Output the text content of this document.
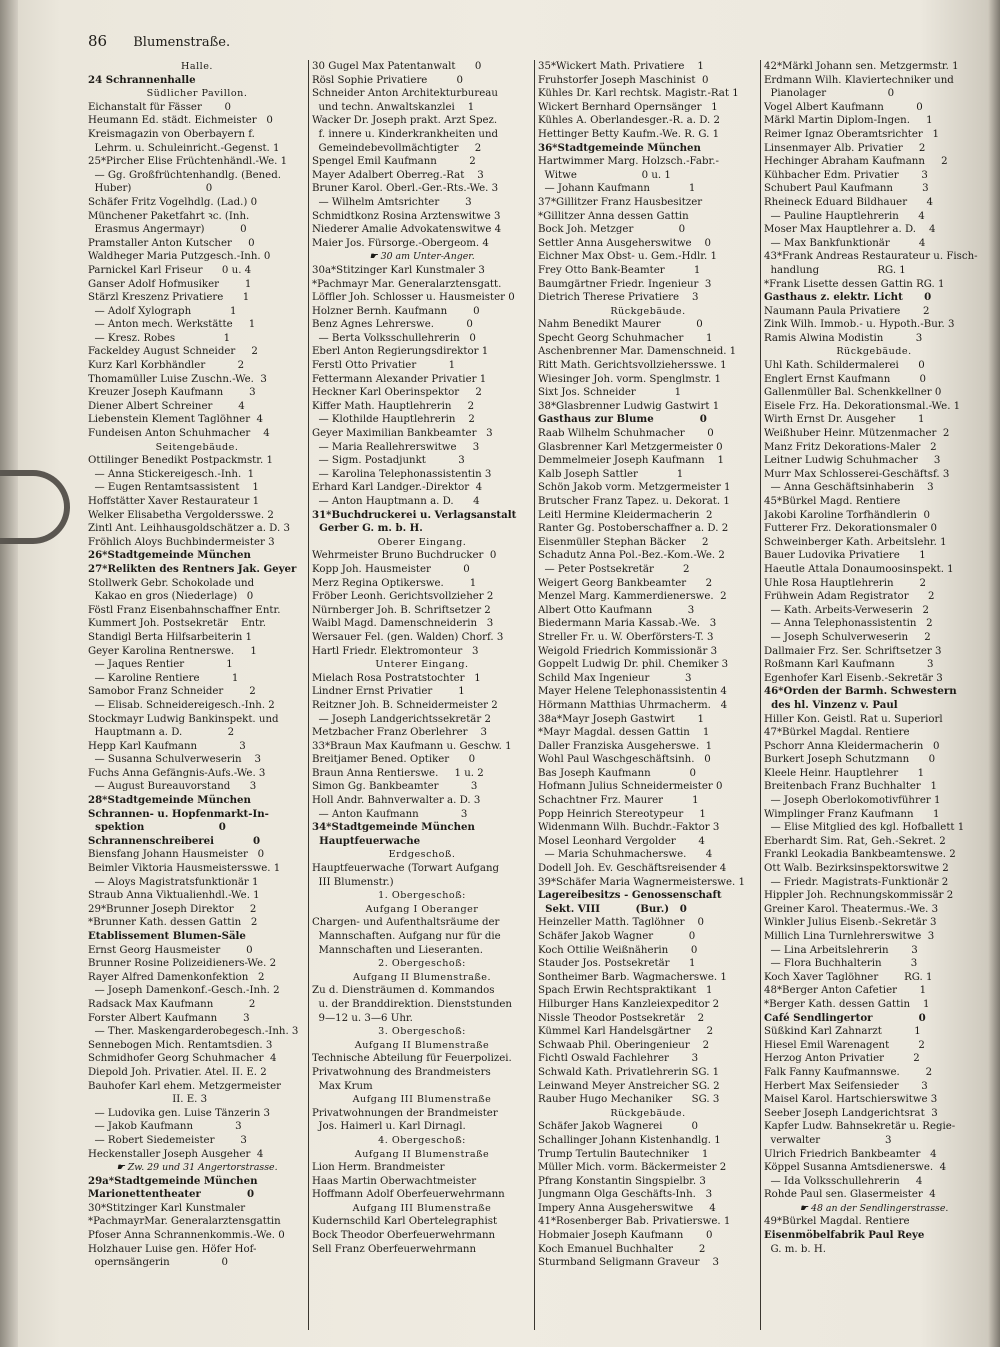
86 Blumenstraße.
Halle.
24 Schrannenhalle
Südlicher Pavillon.
Eichanstalt für Fässer       0
Heumann Ed. städt. Eichmeister   0
Kreismagazin von Oberbayern f.
Lehrm. u. Schuleinricht.-Gegenst. 1
25*Pircher Elise Früchtenhändl.-We. 1
— Gg. Großfrüchtenhandlg. (Bened.
Huber)                       0
Schäfer Fritz Vogelhdlg. (Lad.) 0
Münchener Paketfahrt ꝛc. (Inh.
Erasmus Angermayr)           0
Pramstaller Anton Kutscher     0
Waldheger Maria Putzgesch.-Inh. 0
Parnickel Karl Friseur      0 u. 4
Ganser Adolf Hofmusiker        1
Stärzl Kreszenz Privatiere      1
— Adolf Xylograph            1
— Anton mech. Werkstätte     1
— Kresz. Robes               1
Fackeldey August Schneider     2
Kurz Karl Korbhändler          2
Thomamüller Luise Zuschn.-We.  3
Kreuzer Joseph Kaufmann        3
Diener Albert Schreiner        4
Liebenstein Klement Taglöhner  4
Fundeisen Anton Schuhmacher    4
Seitengebäude.
Ottilinger Benedikt Postpackmstr. 1
— Anna Stickereigesch.-Inh.  1
— Eugen Rentamtsassistent    1
Hoffstätter Xaver Restaurateur 1
Welker Elisabetha Vergoldersswe. 2
Zintl Ant. Leihhausgoldschätzer a. D. 3
Fröhlich Aloys Buchbindermeister 3
26*Stadtgemeinde München
27*Relikten des Rentners Jak. Geyer
Stollwerk Gebr. Schokolade und
Kakao en gros (Niederlage)   0
Föstl Franz Eisenbahnschaffner Entr.
Kummert Joh. Postsekretär    Entr.
Standigl Berta Hilfsarbeiterin 1
Geyer Karolina Rentnerswe.     1
— Jaques Rentier             1
— Karoline Rentiere          1
Samobor Franz Schneider        2
— Elisab. Schneidereigesch.-Inh. 2
Stockmayr Ludwig Bankinspekt. und
Hauptmann a. D.              2
Hepp Karl Kaufmann             3
— Susanna Schulverweserin    3
Fuchs Anna Gefängnis-Aufs.-We. 3
— August Bureauvorstand      3
28*Stadtgemeinde München
Schrannen- u. Hopfenmarkt-In-
spektion                     0
Schrannenschreiberei           0
Biensfang Johann Hausmeister   0
Beimler Viktoria Hausmeistersswe. 1
— Aloys Magistratsfunktionär 1
Straub Anna Viktualienhdl.-We. 1
29*Brunner Joseph Direktor     2
*Brunner Kath. dessen Gattin   2
Etablissement Blumen-Säle
Ernst Georg Hausmeister        0
Brunner Rosine Polizeidieners-We. 2
Rayer Alfred Damenkonfektion   2
— Joseph Damenkonf.-Gesch.-Inh. 2
Radsack Max Kaufmann           2
Forster Albert Kaufmann        3
— Ther. Maskengarderobegesch.-Inh. 3
Sennebogen Mich. Rentamtsdien. 3
Schmidhofer Georg Schuhmacher  4
Diepold Joh. Privatier. Atel. II. E. 2
Bauhofer Karl ehem. Metzgermeister
II. E. 3
— Ludovika gen. Luise Tänzerin 3
— Jakob Kaufmann             3
— Robert Siedemeister        3
Heckenstaller Joseph Ausgeher  4
☛ Zw. 29 und 31 Angertorstrasse.
29a*Stadtgemeinde München
Marionettentheater             0
30*Stitzinger Karl Kunstmaler
*PachmayrMar. Generalarztensgattin
Pfoser Anna Schrannenkommis.-We. 0
Holzhauer Luise gen. Höfer Hof-
opernsängerin                0
30 Gugel Max Patentanwalt      0
Rösl Sophie Privatiere         0
Schneider Anton Architekturbureau
und techn. Anwaltskanzlei    1
Wacker Dr. Joseph prakt. Arzt Spez.
f. innere u. Kinderkrankheiten und
Gemeindebevollmächtigter     2
Spengel Emil Kaufmann          2
Mayer Adalbert Oberreg.-Rat    3
Bruner Karol. Oberl.-Ger.-Rts.-We. 3
— Wilhelm Amtsrichter        3
Schmidtkonz Rosina Arztenswitwe 3
Niederer Amalie Advokatenswitwe 4
Maier Jos. Fürsorge.-Obergeom. 4
☛ 30 am Unter-Anger.
30a*Stitzinger Karl Kunstmaler 3
*Pachmayr Mar. Generalarztensgatt.
Löffler Joh. Schlosser u. Hausmeister 0
Holzner Bernh. Kaufmann        0
Benz Agnes Lehrerswe.          0
— Berta Volksschullehrerin   0
Eberl Anton Regierungsdirektor 1
Ferstl Otto Privatier          1
Fettermann Alexander Privatier 1
Heckner Karl Oberinspektor     2
Kiffer Math. Hauptlehrerin     2
— Klothilde Hauptlehrerin    2
Geyer Maximilian Bankbeamter   3
— Maria Reallehrerswitwe     3
— Sigm. Postadjunkt          3
— Karolina Telephonassistentin 3
Erhard Karl Landger.-Direktor  4
— Anton Hauptmann a. D.      4
31*Buchdruckerei u. Verlagsanstalt
Gerber G. m. b. H.
Oberer Eingang.
Wehrmeister Bruno Buchdrucker  0
Kopp Joh. Hausmeister          0
Merz Regina Optikerswe.        1
Fröber Leonh. Gerichtsvollzieher 2
Nürnberger Joh. B. Schriftsetzer 2
Waibl Magd. Damenschneiderin   3
Wersauer Fel. (gen. Walden) Chorf. 3
Hartl Friedr. Elektromonteur   3
Unterer Eingang.
Mielach Rosa Postratstochter   1
Lindner Ernst Privatier        1
Reitzner Joh. B. Schneidermeister 2
— Joseph Landgerichtssekretär 2
Metzbacher Franz Oberlehrer    3
33*Braun Max Kaufmann u. Geschw. 1
Breitjamer Bened. Optiker      0
Braun Anna Rentierswe.     1 u. 2
Simon Gg. Bankbeamter          3
Holl Andr. Bahnverwalter a. D. 3
— Anton Kaufmann             3
34*Stadtgemeinde München
Hauptfeuerwache
Erdgeschoß.
Hauptfeuerwache (Torwart Aufgang
III Blumenstr.)
1. Obergeschoß:
Aufgang I Oberanger
Chargen- und Aufenthaltsräume der
Mannschaften. Aufgang nur für die
Mannschaften und Lieseranten.
2. Obergeschoß:
Aufgang II Blumenstraße.
Zu d. Diensträumen d. Kommandos
u. der Branddirektion. Dienststunden
9—12 u. 3—6 Uhr.
3. Obergeschoß:
Aufgang II Blumenstraße
Technische Abteilung für Feuerpolizei.
Privatwohnung des Brandmeisters
Max Krum
Aufgang III Blumenstraße
Privatwohnungen der Brandmeister
Jos. Haimerl u. Karl Dirnagl.
4. Obergeschoß:
Aufgang II Blumenstraße
Lion Herm. Brandmeister
Haas Martin Oberwachtmeister
Hoffmann Adolf Oberfeuerwehrmann
Aufgang III Blumenstraße
Kudernschild Karl Obertelegraphist
Bock Theodor Oberfeuerwehrmann
Sell Franz Oberfeuerwehrmann
35*Wickert Math. Privatiere    1
Fruhstorfer Joseph Maschinist  0
Kühles Dr. Karl rechtsk. Magistr.-Rat 1
Wickert Bernhard Opernsänger   1
Kühles A. Oberlandesger.-R. a. D. 2
Hettinger Betty Kaufm.-We. R. G. 1
36*Stadtgemeinde München
Hartwimmer Marg. Holzsch.-Fabr.-
Witwe                    0 u. 1
— Johann Kaufmann            1
37*Gillitzer Franz Hausbesitzer
*Gillitzer Anna dessen Gattin
Bock Joh. Metzger              0
Settler Anna Ausgeherswitwe    0
Eichner Max Obst- u. Gem.-Hdlr. 1
Frey Otto Bank-Beamter         1
Baumgärtner Friedr. Ingenieur  3
Dietrich Therese Privatiere    3
Rückgebäude.
Nahm Benedikt Maurer           0
Specht Georg Schuhmacher       1
Aschenbrenner Mar. Damenschneid. 1
Ritt Math. Gerichtsvollziehersswe. 1
Wiesinger Joh. vorm. Spenglmstr. 1
Sixt Jos. Schneider            1
38*Glasbrenner Ludwig Gastwirt 1
Gasthaus zur Blume             0
Raab Wilhelm Schuhmacher       0
Glasbrenner Karl Metzgermeister 0
Demmelmeier Joseph Kaufmann    1
Kalb Joseph Sattler            1
Schön Jakob vorm. Metzgermeister 1
Brutscher Franz Tapez. u. Dekorat. 1
Leitl Hermine Kleidermacherin  2
Ranter Gg. Postoberschaffner a. D. 2
Eisenmüller Stephan Bäcker     2
Schadutz Anna Pol.-Bez.-Kom.-We. 2
— Peter Postsekretär         2
Weigert Georg Bankbeamter      2
Menzel Marg. Kammerdienerswe.  2
Albert Otto Kaufmann           3
Biedermann Maria Kassab.-We.   3
Streller Fr. u. W. Oberförsters-T. 3
Weigold Friedrich Kommissionär 3
Goppelt Ludwig Dr. phil. Chemiker 3
Schild Max Ingenieur           3
Mayer Helene Telephonassistentin 4
Hörmann Matthias Uhrmacherm.   4
38a*Mayr Joseph Gastwirt       1
*Mayr Magdal. dessen Gattin    1
Daller Franziska Ausgeherswe.  1
Wohl Paul Waschgeschäftsinh.   0
Bas Joseph Kaufmann            0
Hofmann Julius Schneidermeister 0
Schachtner Frz. Maurer         1
Popp Heinrich Stereotypeur     1
Widenmann Wilh. Buchdr.-Faktor 3
Mosel Leonhard Vergolder       4
— Maria Schuhmacherswe.      4
Dodell Joh. Ev. Geschäftsreisender 4
39*Schäfer Maria Wagnermeisterswe. 1
Lagereibesitzs - Genossenschaft
Sekt. VIII          (Bur.)   0
Heinzeller Matth. Taglöhner    0
Schäfer Jakob Wagner           0
Koch Ottilie Weißnäherin       0
Stauder Jos. Postsekretär      1
Sontheimer Barb. Wagmacherswe. 1
Spach Erwin Rechtspraktikant   1
Hilburger Hans Kanzleiexpeditor 2
Nissle Theodor Postsekretär    2
Kümmel Karl Handelsgärtner     2
Schwaab Phil. Oberingenieur    2
Fichtl Oswald Fachlehrer       3
Schwald Kath. Privatlehrerin SG. 1
Leinwand Meyer Anstreicher SG. 2
Rauber Hugo Mechaniker      SG. 3
Rückgebäude.
Schäfer Jakob Wagnerei         0
Schallinger Johann Kistenhandlg. 1
Trump Tertulin Bautechniker    1
Müller Mich. vorm. Bäckermeister 2
Pfrang Konstantin Singspielbr. 3
Jungmann Olga Geschäfts-Inh.   3
Impery Anna Ausgeherswitwe     4
41*Rosenberger Bab. Privatierswe. 1
Hobmaier Joseph Kaufmann       0
Koch Emanuel Buchhalter        2
Sturmband Seligmann Graveur    3
42*Märkl Johann sen. Metzgermstr. 1
Erdmann Wilh. Klaviertechniker und
Pianolager                   0
Vogel Albert Kaufmann          0
Märkl Martin Diplom-Ingen.     1
Reimer Ignaz Oberamtsrichter   1
Linsenmayer Alb. Privatier     2
Hechinger Abraham Kaufmann     2
Kühbacher Edm. Privatier       3
Schubert Paul Kaufmann         3
Rheineck Eduard Bildhauer      4
— Pauline Hauptlehrerin      4
Moser Max Hauptlehrer a. D.    4
— Max Bankfunktionär         4
43*Frank Andreas Restaurateur u. Fisch-
handlung                  RG. 1
*Frank Lisette dessen Gattin RG. 1
Gasthaus z. elektr. Licht      0
Naumann Paula Privatiere       2
Zink Wilh. Immob.- u. Hypoth.-Bur. 3
Ramis Alwina Modistin          3
Rückgebäude.
Uhl Kath. Schildermalerei      0
Englert Ernst Kaufmann         0
Gallenmüller Bal. Schenkkellner 0
Eisele Frz. Ha. Dekorationsmal.-We. 1
Wirth Ernst Dr. Ausgeher       1
Weißhuber Heinr. Mützenmacher  2
Manz Fritz Dekorations-Maler   2
Leitner Ludwig Schuhmacher     3
Murr Max Schlosserei-Geschäftsf. 3
— Anna Geschäftsinhaberin    3
45*Bürkel Magd. Rentiere
Jakobi Karoline Torfhändlerin  0
Futterer Frz. Dekorationsmaler 0
Schweinberger Kath. Arbeitslehr. 1
Bauer Ludovika Privatiere      1
Haeutle Attala Donaumoosinspekt. 1
Uhle Rosa Hauptlehrerin        2
Frühwein Adam Registrator      2
— Kath. Arbeits-Verweserin   2
— Anna Telephonassistentin   2
— Joseph Schulverweserin     2
Dallmaier Frz. Ser. Schriftsetzer 3
Roßmann Karl Kaufmann          3
Egenhofer Karl Eisenb.-Sekretär 3
46*Orden der Barmh. Schwestern
des hl. Vinzenz v. Paul
Hiller Kon. Geistl. Rat u. Superiorl
47*Bürkel Magdal. Rentiere
Pschorr Anna Kleidermacherin   0
Burkert Joseph Schutzmann      0
Kleele Heinr. Hauptlehrer      1
Breitenbach Franz Buchhalter   1
— Joseph Oberlokomotivführer 1
Wimplinger Franz Kaufmann      1
— Elise Mitglied des kgl. Hofballett 1
Eberhardt Sim. Rat, Geh.-Sekret. 2
Frankl Leokadia Bankbeamtenswe. 2
Ott Walb. Bezirksinspektorswitwe 2
— Friedr. Magistrats-Funktionär 2
Hippler Joh. Rechnungskommissär 2
Greiner Karol. Theatermus.-We. 3
Winkler Julius Eisenb.-Sekretär 3
Millich Lina Turnlehrerswitwe  3
— Lina Arbeitslehrerin       3
— Flora Buchhalterin         3
Koch Xaver Taglöhner        RG. 1
48*Berger Anton Cafetier       1
*Berger Kath. dessen Gattin    1
Café Sendlingertor             0
Süßkind Karl Zahnarzt          1
Hiesel Emil Warenagent         2
Herzog Anton Privatier         2
Falk Fanny Kaufmannswe.        2
Herbert Max Seifensieder       3
Maisel Karol. Hartschierswitwe 3
Seeber Joseph Landgerichtsrat  3
Kapfer Ludw. Bahnsekretär u. Regie-
verwalter                    3
Ulrich Friedrich Bankbeamter   4
Köppel Susanna Amtsdienerswe.  4
— Ida Volksschullehrerin     4
Rohde Paul sen. Glasermeister  4
☛ 48 an der Sendlingerstrasse.
49*Bürkel Magdal. Rentiere
Eisenmöbelfabrik Paul Reye
G. m. b. H.
